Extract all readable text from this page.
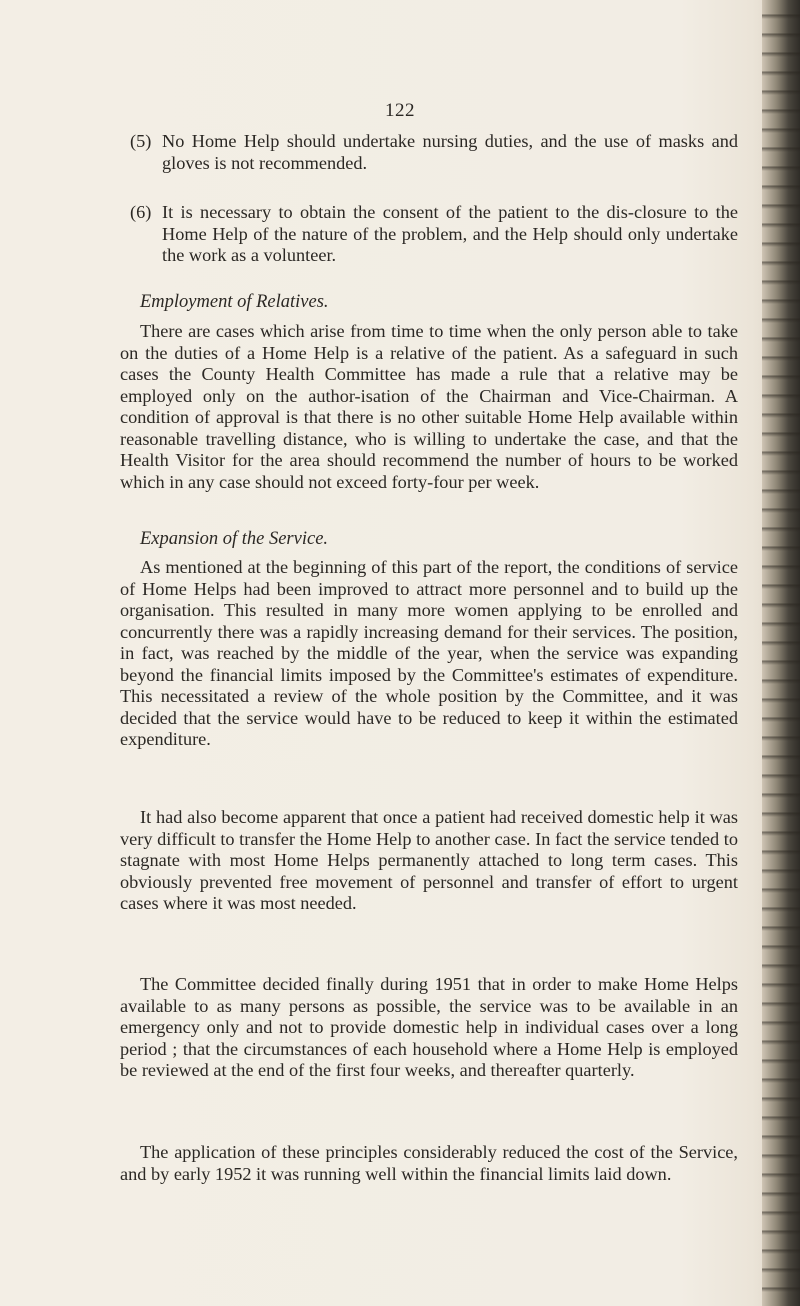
122
(5) No Home Help should undertake nursing duties, and the use of masks and gloves is not recommended.
(6) It is necessary to obtain the consent of the patient to the dis-closure to the Home Help of the nature of the problem, and the Help should only undertake the work as a volunteer.
Employment of Relatives.
There are cases which arise from time to time when the only person able to take on the duties of a Home Help is a relative of the patient. As a safeguard in such cases the County Health Committee has made a rule that a relative may be employed only on the author-isation of the Chairman and Vice-Chairman. A condition of approval is that there is no other suitable Home Help available within reasonable travelling distance, who is willing to undertake the case, and that the Health Visitor for the area should recommend the number of hours to be worked which in any case should not exceed forty-four per week.
Expansion of the Service.
As mentioned at the beginning of this part of the report, the conditions of service of Home Helps had been improved to attract more personnel and to build up the organisation. This resulted in many more women applying to be enrolled and concurrently there was a rapidly increasing demand for their services. The position, in fact, was reached by the middle of the year, when the service was expanding beyond the financial limits imposed by the Committee's estimates of expenditure. This necessitated a review of the whole position by the Committee, and it was decided that the service would have to be reduced to keep it within the estimated expenditure.
It had also become apparent that once a patient had received domestic help it was very difficult to transfer the Home Help to another case. In fact the service tended to stagnate with most Home Helps permanently attached to long term cases. This obviously prevented free movement of personnel and transfer of effort to urgent cases where it was most needed.
The Committee decided finally during 1951 that in order to make Home Helps available to as many persons as possible, the service was to be available in an emergency only and not to provide domestic help in individual cases over a long period ; that the circumstances of each household where a Home Help is employed be reviewed at the end of the first four weeks, and thereafter quarterly.
The application of these principles considerably reduced the cost of the Service, and by early 1952 it was running well within the financial limits laid down.
